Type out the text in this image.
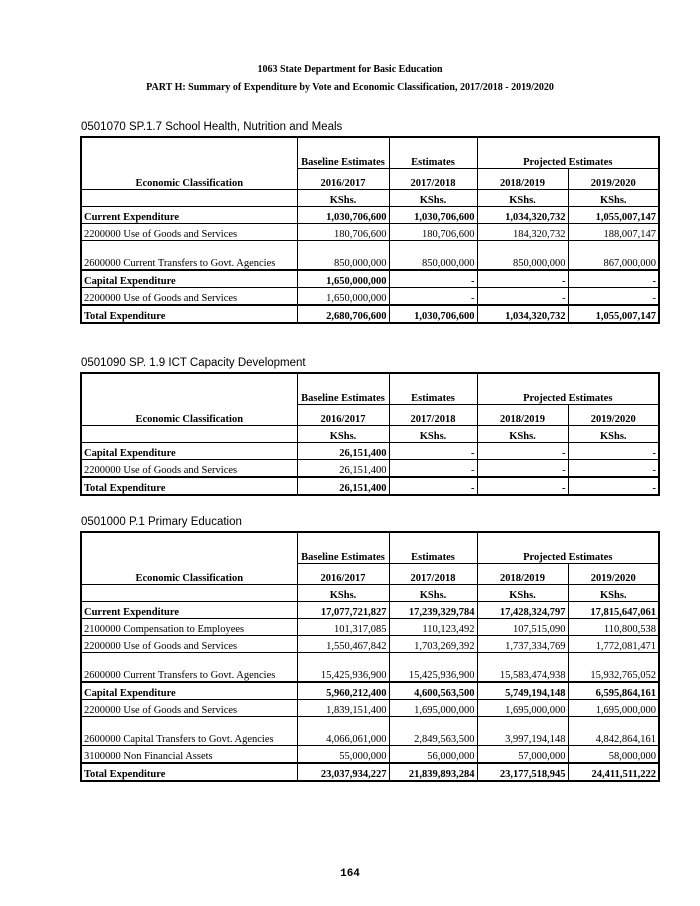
1063 State Department for Basic Education
PART H: Summary of Expenditure by Vote and Economic Classification, 2017/2018 - 2019/2020
0501070 SP.1.7 School Health, Nutrition and Meals
	Baseline Estimates	Estimates	Projected Estimates	
Economic Classification	2016/2017	2017/2018	2018/2019	2019/2020
	KShs.	KShs.	KShs.	KShs.
Current Expenditure	1,030,706,600	1,030,706,600	1,034,320,732	1,055,007,147
2200000 Use of Goods and Services	180,706,600	180,706,600	184,320,732	188,007,147
2600000 Current Transfers to Govt. Agencies	850,000,000	850,000,000	850,000,000	867,000,000
Capital Expenditure	1,650,000,000	-	-	-
2200000 Use of Goods and Services	1,650,000,000	-	-	-
Total Expenditure	2,680,706,600	1,030,706,600	1,034,320,732	1,055,007,147
0501090 SP. 1.9 ICT Capacity Development
	Baseline Estimates	Estimates	Projected Estimates	
Economic Classification	2016/2017	2017/2018	2018/2019	2019/2020
	KShs.	KShs.	KShs.	KShs.
Capital Expenditure	26,151,400	-	-	-
2200000 Use of Goods and Services	26,151,400	-	-	-
Total Expenditure	26,151,400	-	-	-
0501000 P.1 Primary Education
	Baseline Estimates	Estimates	Projected Estimates	
Economic Classification	2016/2017	2017/2018	2018/2019	2019/2020
	KShs.	KShs.	KShs.	KShs.
Current Expenditure	17,077,721,827	17,239,329,784	17,428,324,797	17,815,647,061
2100000 Compensation to Employees	101,317,085	110,123,492	107,515,090	110,800,538
2200000 Use of Goods and Services	1,550,467,842	1,703,269,392	1,737,334,769	1,772,081,471
2600000 Current Transfers to Govt. Agencies	15,425,936,900	15,425,936,900	15,583,474,938	15,932,765,052
Capital Expenditure	5,960,212,400	4,600,563,500	5,749,194,148	6,595,864,161
2200000 Use of Goods and Services	1,839,151,400	1,695,000,000	1,695,000,000	1,695,000,000
2600000 Capital Transfers to Govt. Agencies	4,066,061,000	2,849,563,500	3,997,194,148	4,842,864,161
3100000 Non Financial Assets	55,000,000	56,000,000	57,000,000	58,000,000
Total Expenditure	23,037,934,227	21,839,893,284	23,177,518,945	24,411,511,222
164
